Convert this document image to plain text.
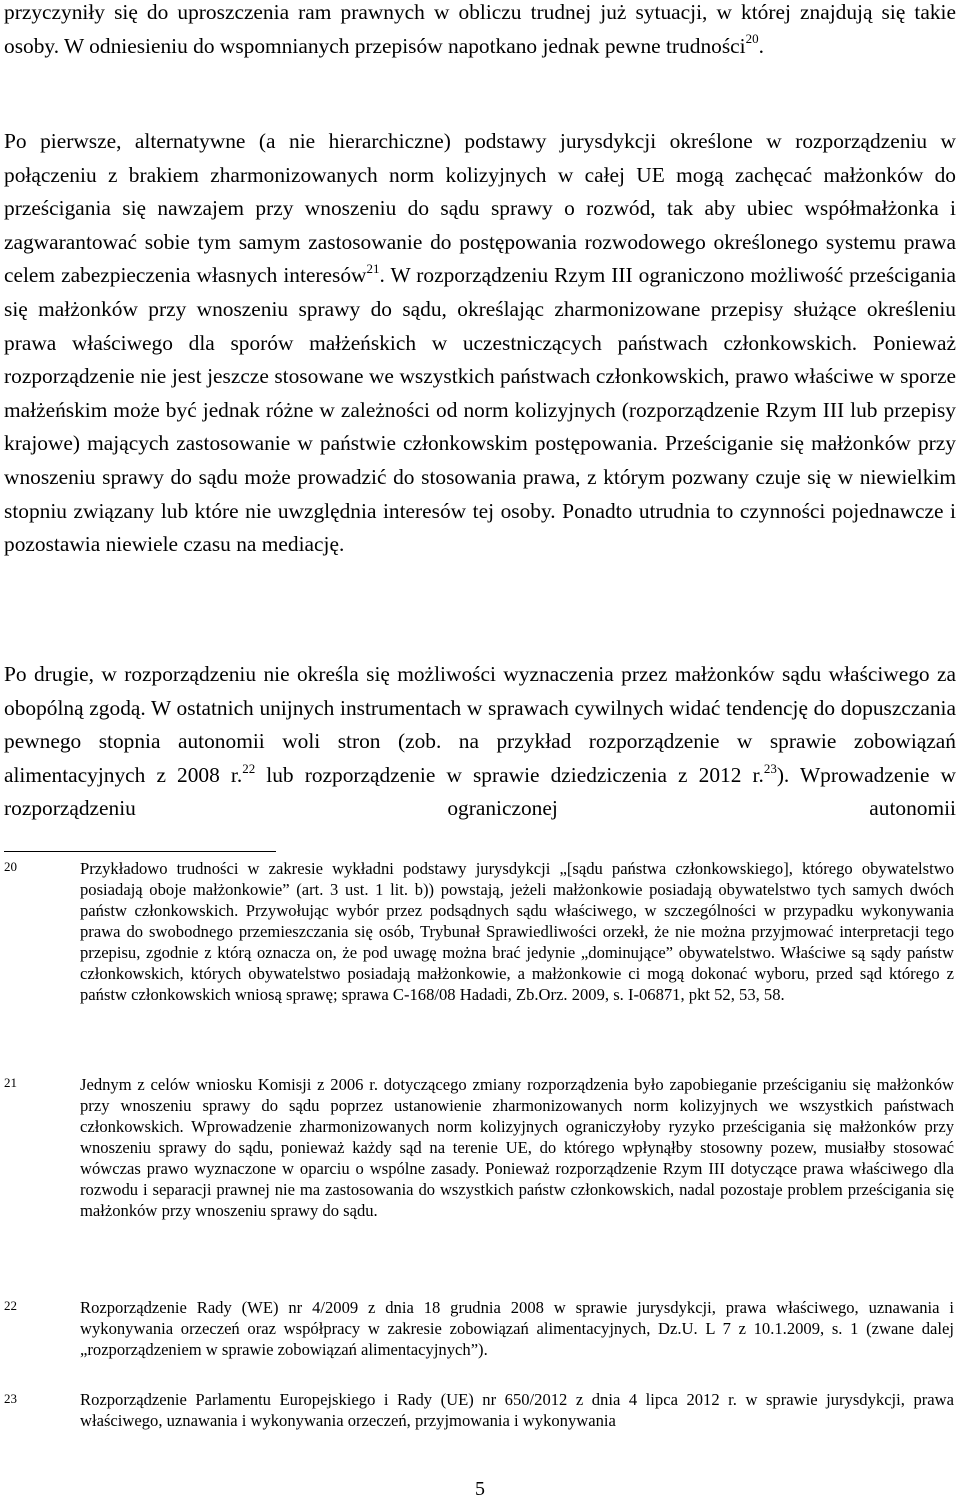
przyczyniły się do uproszczenia ram prawnych w obliczu trudnej już sytuacji, w której znajdują się takie osoby. W odniesieniu do wspomnianych przepisów napotkano jednak pewne trudności$^{20}$.

Po pierwsze, alternatywne (a nie hierarchiczne) podstawy jurysdykcji określone w rozporządzeniu w połączeniu z brakiem zharmonizowanych norm kolizyjnych w całej UE mogą zachęcać małżonków do prześcigania się nawzajem przy wnoszeniu do sądu sprawy o rozwód, tak aby ubiec współmałżonka i zagwarantować sobie tym samym zastosowanie do postępowania rozwodowego określonego systemu prawa celem zabezpieczenia własnych interesów$^{21}$. W rozporządzeniu Rzym III ograniczono możliwość prześcigania się małżonków przy wnoszeniu sprawy do sądu, określając zharmonizowane przepisy służące określeniu prawa właściwego dla sporów małżeńskich w uczestniczących państwach członkowskich. Ponieważ rozporządzenie nie jest jeszcze stosowane we wszystkich państwach członkowskich, prawo właściwe w sporze małżeńskim może być jednak różne w zależności od norm kolizyjnych (rozporządzenie Rzym III lub przepisy krajowe) mających zastosowanie w państwie członkowskim postępowania. Prześciganie się małżonków przy wnoszeniu sprawy do sądu może prowadzić do stosowania prawa, z którym pozwany czuje się w niewielkim stopniu związany lub które nie uwzględnia interesów tej osoby. Ponadto utrudnia to czynności pojednawcze i pozostawia niewiele czasu na mediację.

Po drugie, w rozporządzeniu nie określa się możliwości wyznaczenia przez małżonków sądu właściwego za obopólną zgodą. W ostatnich unijnych instrumentach w sprawach cywilnych widać tendencję do dopuszczania pewnego stopnia autonomii woli stron (zob. na przykład rozporządzenie w sprawie zobowiązań alimentacyjnych z 2008 r.$^{22}$ lub rozporządzenie w sprawie dziedziczenia z 2012 r.$^{23}$). Wprowadzenie w rozporządzeniu ograniczonej autonomii

20	Przykładowo trudności w zakresie wykładni podstawy jurysdykcji „[sądu państwa członkowskiego], którego obywatelstwo posiadają oboje małżonkowie” (art. 3 ust. 1 lit. b)) powstają, jeżeli małżonkowie posiadają obywatelstwo tych samych dwóch państw członkowskich. Przywołując wybór przez podsądnych sądu właściwego, w szczególności w przypadku wykonywania prawa do swobodnego przemieszczania się osób, Trybunał Sprawiedliwości orzekł, że nie można przyjmować interpretacji tego przepisu, zgodnie z którą oznacza on, że pod uwagę można brać jedynie „dominujące” obywatelstwo. Właściwe są sądy państw członkowskich, których obywatelstwo posiadają małżonkowie, a małżonkowie ci mogą dokonać wyboru, przed sąd którego z państw członkowskich wniosą sprawę; sprawa C-168/08 Hadadi, Zb.Orz. 2009, s. I-06871, pkt 52, 53, 58.

21	Jednym z celów wniosku Komisji z 2006 r. dotyczącego zmiany rozporządzenia było zapobieganie prześciganiu się małżonków przy wnoszeniu sprawy do sądu poprzez ustanowienie zharmonizowanych norm kolizyjnych we wszystkich państwach członkowskich. Wprowadzenie zharmonizowanych norm kolizyjnych ograniczyłoby ryzyko prześcigania się małżonków przy wnoszeniu sprawy do sądu, ponieważ każdy sąd na terenie UE, do którego wpłynąłby stosowny pozew, musiałby stosować wówczas prawo wyznaczone w oparciu o wspólne zasady. Ponieważ rozporządzenie Rzym III dotyczące prawa właściwego dla rozwodu i separacji prawnej nie ma zastosowania do wszystkich państw członkowskich, nadal pozostaje problem prześcigania się małżonków przy wnoszeniu sprawy do sądu.

22	Rozporządzenie Rady (WE) nr 4/2009 z dnia 18 grudnia 2008 w sprawie jurysdykcji, prawa właściwego, uznawania i wykonywania orzeczeń oraz współpracy w zakresie zobowiązań alimentacyjnych, Dz.U. L 7 z 10.1.2009, s. 1 (zwane dalej „rozporządzeniem w sprawie zobowiązań alimentacyjnych”).

23	Rozporządzenie Parlamentu Europejskiego i Rady (UE) nr 650/2012 z dnia 4 lipca 2012 r. w sprawie jurysdykcji, prawa właściwego, uznawania i wykonywania orzeczeń, przyjmowania i wykonywania

5
